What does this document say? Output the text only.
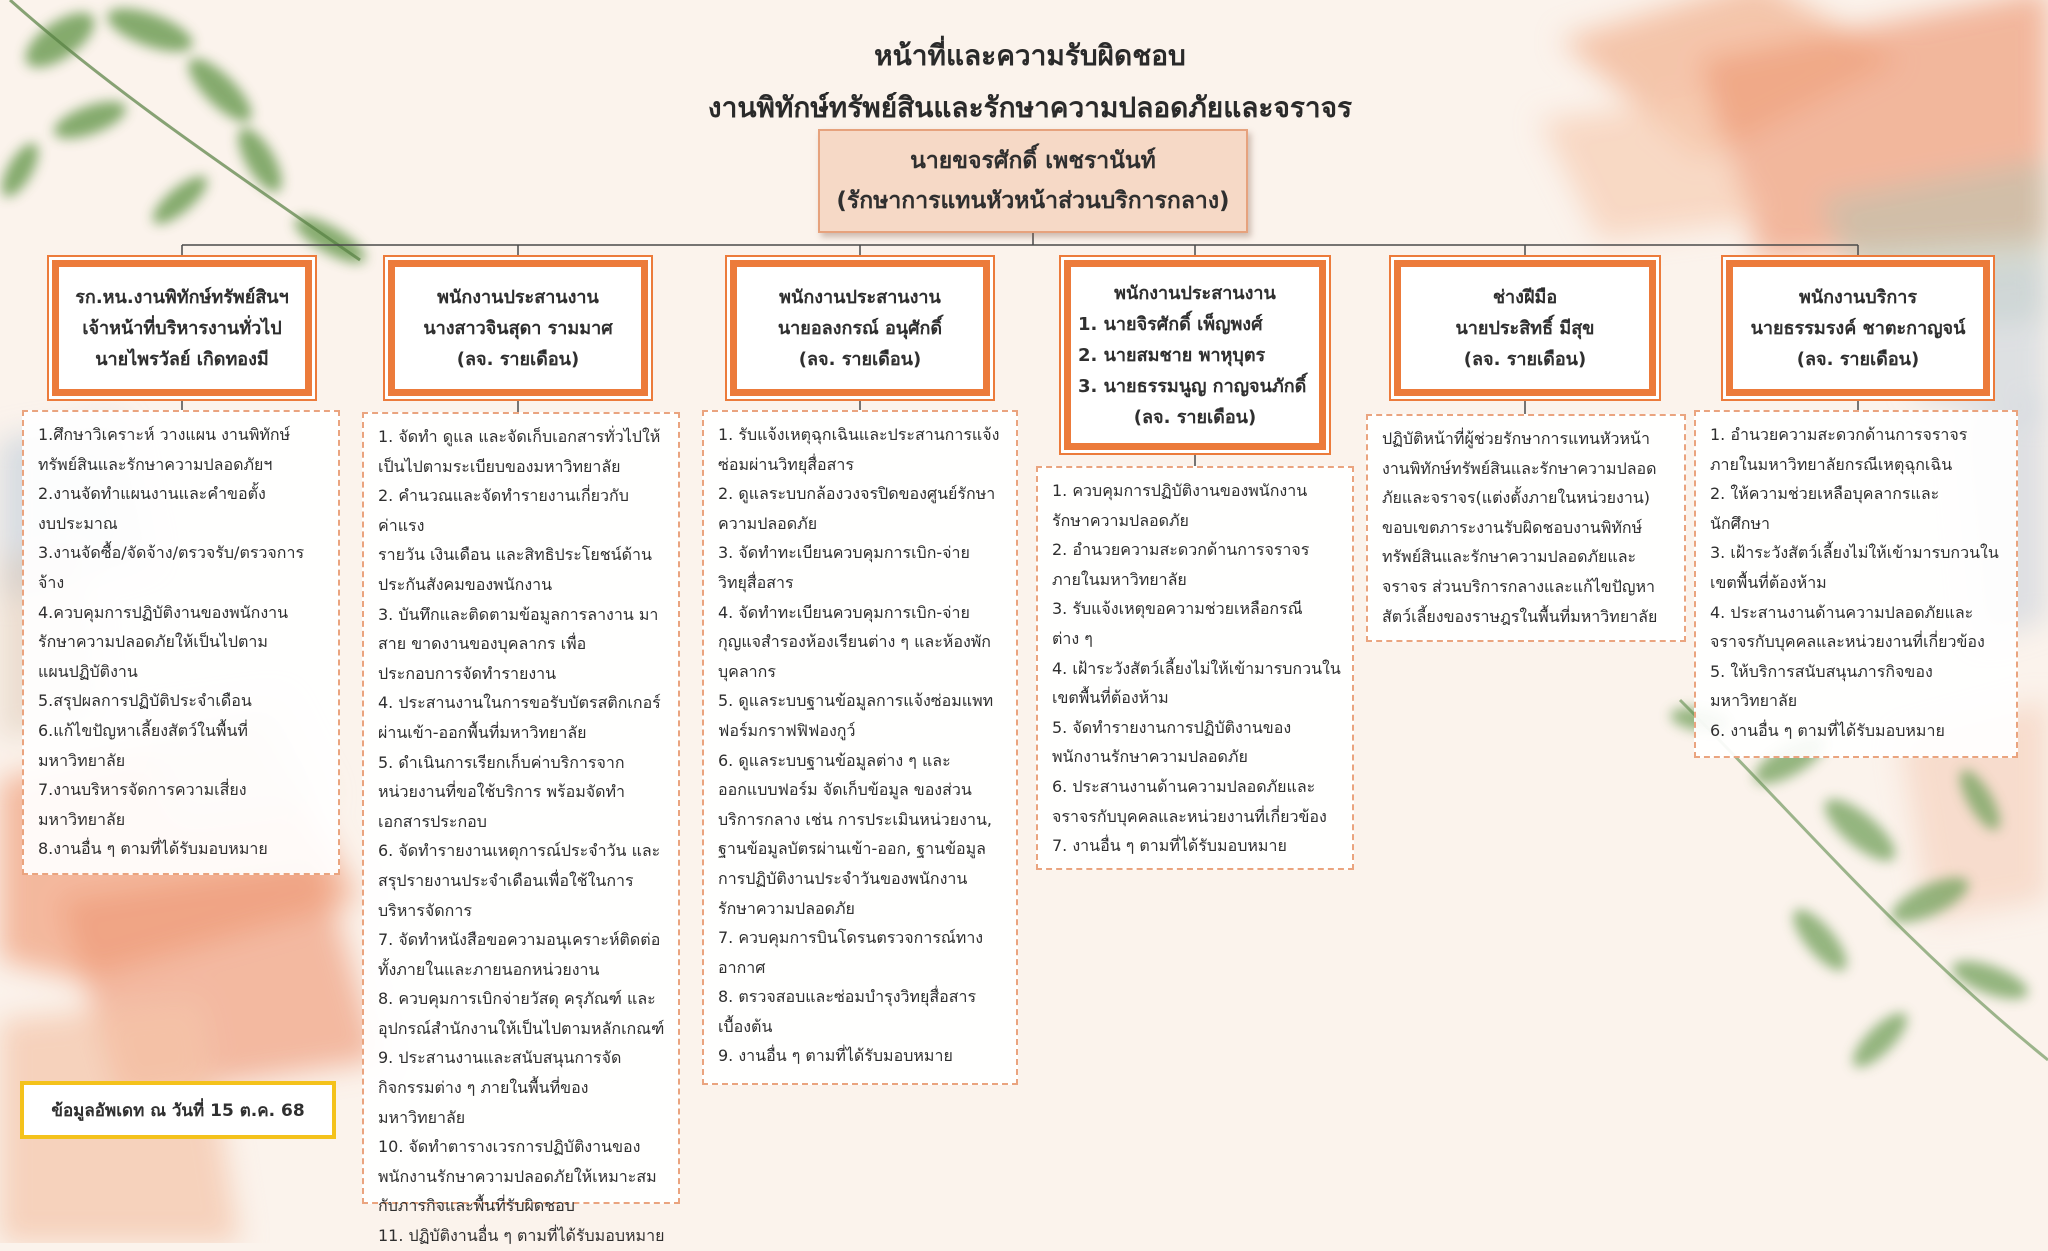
หน้าที่และความรับผิดชอบ
งานพิทักษ์ทรัพย์สินและรักษาความปลอดภัยและจราจร
นายขจรศักดิ์ เพชรานันท์
(รักษาการแทนหัวหน้าส่วนบริการกลาง)
รก.หน.งานพิทักษ์ทรัพย์สินฯ
เจ้าหน้าที่บริหารงานทั่วไป
นายไพรวัลย์ เกิดทองมี
1.ศึกษาวิเคราะห์ วางแผน งานพิทักษ์
ทรัพย์สินและรักษาความปลอดภัยฯ
2.งานจัดทำแผนงานและคำขอตั้ง
งบประมาณ
3.งานจัดซื้อ/จัดจ้าง/ตรวจรับ/ตรวจการ
จ้าง
4.ควบคุมการปฏิบัติงานของพนักงาน
รักษาความปลอดภัยให้เป็นไปตาม
แผนปฏิบัติงาน
5.สรุปผลการปฏิบัติประจำเดือน
6.แก้ไขปัญหาเลี้ยงสัตว์ในพื้นที่
มหาวิทยาลัย
7.งานบริหารจัดการความเสี่ยง
มหาวิทยาลัย
8.งานอื่น ๆ ตามที่ได้รับมอบหมาย
พนักงานประสานงาน
นางสาวจินสุดา รามมาศ
(ลจ. รายเดือน)
1. จัดทำ ดูแล และจัดเก็บเอกสารทั่วไปให้
เป็นไปตามระเบียบของมหาวิทยาลัย
2. คำนวณและจัดทำรายงานเกี่ยวกับค่าแรง
รายวัน เงินเดือน และสิทธิประโยชน์ด้าน
ประกันสังคมของพนักงาน
3. บันทึกและติดตามข้อมูลการลางาน มา
สาย ขาดงานของบุคลากร เพื่อ
ประกอบการจัดทำรายงาน
4. ประสานงานในการขอรับบัตรสติกเกอร์
ผ่านเข้า-ออกพื้นที่มหาวิทยาลัย
5. ดำเนินการเรียกเก็บค่าบริการจาก
หน่วยงานที่ขอใช้บริการ พร้อมจัดทำ
เอกสารประกอบ
6. จัดทำรายงานเหตุการณ์ประจำวัน และ
สรุปรายงานประจำเดือนเพื่อใช้ในการ
บริหารจัดการ
7. จัดทำหนังสือขอความอนุเคราะห์ติดต่อ
ทั้งภายในและภายนอกหน่วยงาน
8. ควบคุมการเบิกจ่ายวัสดุ ครุภัณฑ์ และ
อุปกรณ์สำนักงานให้เป็นไปตามหลักเกณฑ์
9. ประสานงานและสนับสนุนการจัด
กิจกรรมต่าง ๆ ภายในพื้นที่ของ
มหาวิทยาลัย
10. จัดทำตารางเวรการปฏิบัติงานของ
พนักงานรักษาความปลอดภัยให้เหมาะสม
กับภารกิจและพื้นที่รับผิดชอบ
11. ปฏิบัติงานอื่น ๆ ตามที่ได้รับมอบหมาย
พนักงานประสานงาน
นายอลงกรณ์ อนุศักดิ์
(ลจ. รายเดือน)
1. รับแจ้งเหตุฉุกเฉินและประสานการแจ้ง
ซ่อมผ่านวิทยุสื่อสาร
2. ดูแลระบบกล้องวงจรปิดของศูนย์รักษา
ความปลอดภัย
3. จัดทำทะเบียนควบคุมการเบิก-จ่าย
วิทยุสื่อสาร
4. จัดทำทะเบียนควบคุมการเบิก-จ่าย
กุญแจสำรองห้องเรียนต่าง ๆ และห้องพัก
บุคลากร
5. ดูแลระบบฐานข้อมูลการแจ้งซ่อมแพท
ฟอร์มกราฟฟิฟองกูว์
6. ดูแลระบบฐานข้อมูลต่าง ๆ และ
ออกแบบฟอร์ม จัดเก็บข้อมูล ของส่วน
บริการกลาง เช่น การประเมินหน่วยงาน,
ฐานข้อมูลบัตรผ่านเข้า-ออก, ฐานข้อมูล
การปฏิบัติงานประจำวันของพนักงาน
รักษาความปลอดภัย
7. ควบคุมการบินโดรนตรวจการณ์ทาง
อากาศ
8. ตรวจสอบและซ่อมบำรุงวิทยุสื่อสาร
เบื้องต้น
9. งานอื่น ๆ ตามที่ได้รับมอบหมาย
พนักงานประสานงาน
1. นายจิรศักดิ์ เพ็ญพงศ์
2. นายสมชาย พาหุบุตร
3. นายธรรมนูญ กาญจนภักดิ์
(ลจ. รายเดือน)
1. ควบคุมการปฏิบัติงานของพนักงาน
รักษาความปลอดภัย
2. อำนวยความสะดวกด้านการจราจร
ภายในมหาวิทยาลัย
3. รับแจ้งเหตุขอความช่วยเหลือกรณี
ต่าง ๆ
4. เฝ้าระวังสัตว์เลี้ยงไม่ให้เข้ามารบกวนใน
เขตพื้นที่ต้องห้าม
5. จัดทำรายงานการปฏิบัติงานของ
พนักงานรักษาความปลอดภัย
6. ประสานงานด้านความปลอดภัยและ
จราจรกับบุคคลและหน่วยงานที่เกี่ยวข้อง
7. งานอื่น ๆ ตามที่ได้รับมอบหมาย
ช่างฝีมือ
นายประสิทธิ์ มีสุข
(ลจ. รายเดือน)
ปฏิบัติหน้าที่ผู้ช่วยรักษาการแทนหัวหน้า
งานพิทักษ์ทรัพย์สินและรักษาความปลอด
ภัยและจราจร(แต่งตั้งภายในหน่วยงาน)
ขอบเขตภาระงานรับผิดชอบงานพิทักษ์
ทรัพย์สินและรักษาความปลอดภัยและ
จราจร ส่วนบริการกลางและแก้ไขปัญหา
สัตว์เลี้ยงของราษฎรในพื้นที่มหาวิทยาลัย
พนักงานบริการ
นายธรรมรงค์ ชาตะกาญจน์
(ลจ. รายเดือน)
1. อำนวยความสะดวกด้านการจราจร
ภายในมหาวิทยาลัยกรณีเหตุฉุกเฉิน
2. ให้ความช่วยเหลือบุคลากรและ
นักศึกษา
3. เฝ้าระวังสัตว์เลี้ยงไม่ให้เข้ามารบกวนใน
เขตพื้นที่ต้องห้าม
4. ประสานงานด้านความปลอดภัยและ
จราจรกับบุคคลและหน่วยงานที่เกี่ยวข้อง
5. ให้บริการสนับสนุนภารกิจของ
มหาวิทยาลัย
6. งานอื่น ๆ ตามที่ได้รับมอบหมาย
ข้อมูลอัพเดท ณ วันที่ 15 ต.ค. 68
